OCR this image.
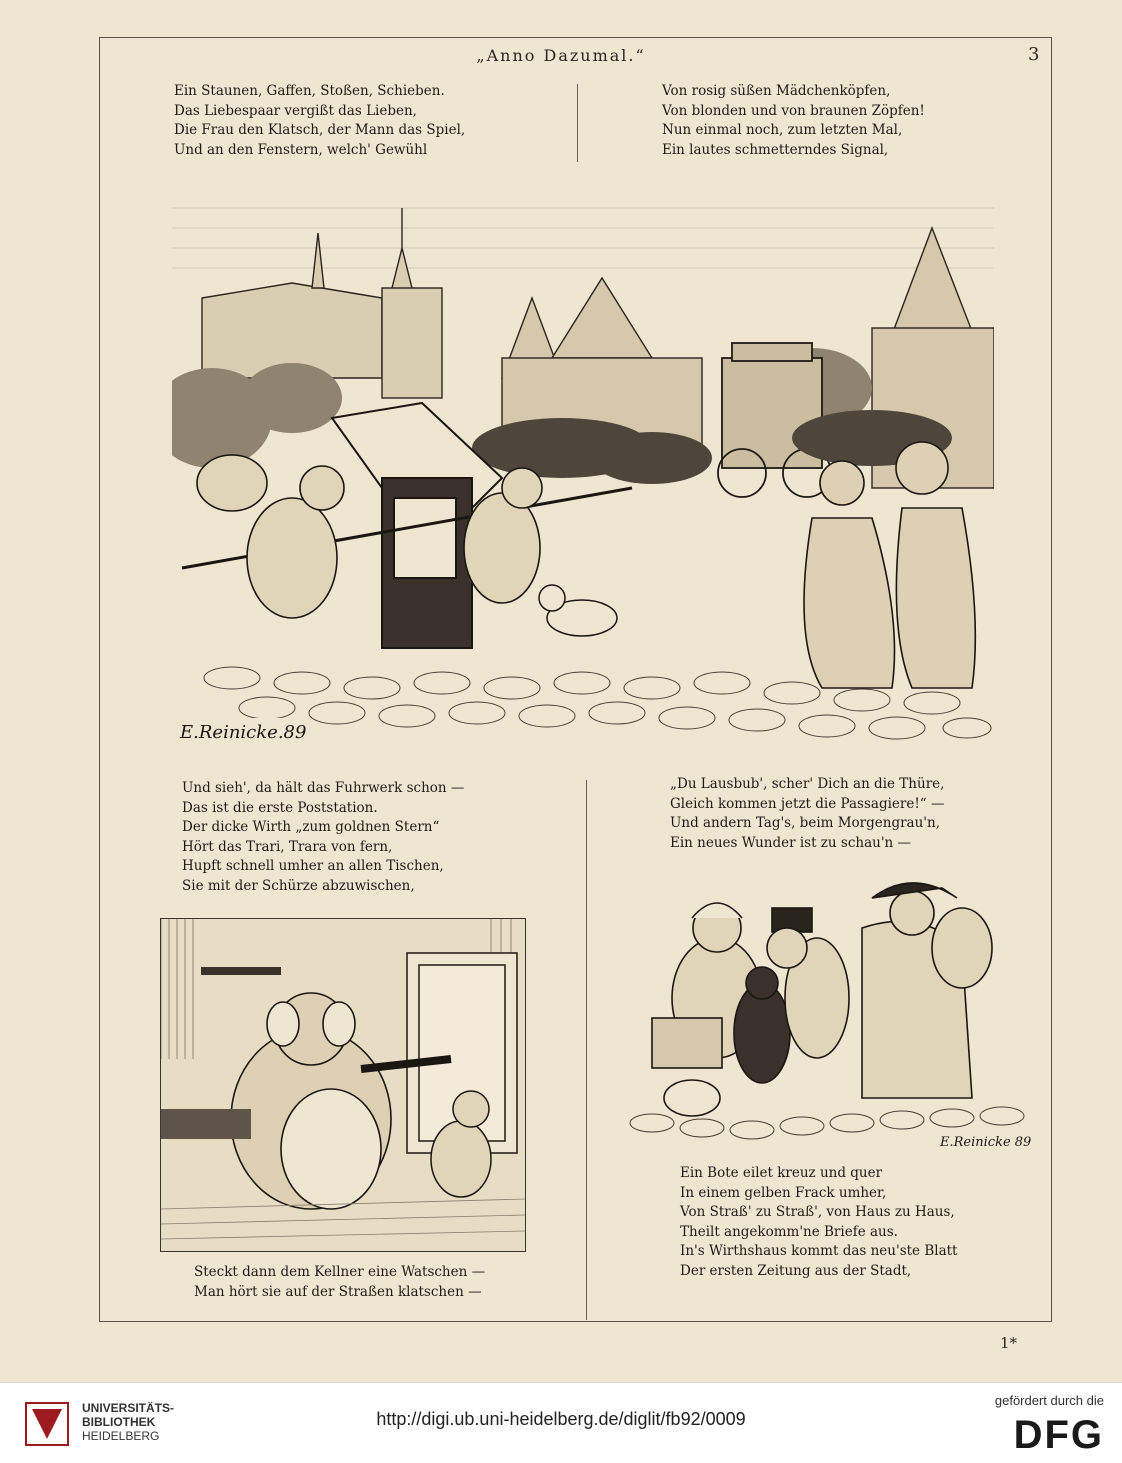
„Anno Dazumal.“	3
Ein Staunen, Gaffen, Stoßen, Schieben.
Das Liebespaar vergißt das Lieben,
Die Frau den Klatsch, der Mann das Spiel,
Und an den Fenstern, welch' Gewühl
Von rosig süßen Mädchenköpfen,
Von blonden und von braunen Zöpfen!
Nun einmal noch, zum letzten Mal,
Ein lautes schmetterndes Signal,
E.Reinicke.89
Und sieh', da hält das Fuhrwerk schon —
Das ist die erste Poststation.
Der dicke Wirth „zum goldnen Stern“
Hört das Trari, Trara von fern,
Hupft schnell umher an allen Tischen,
Sie mit der Schürze abzuwischen,
„Du Lausbub', scher' Dich an die Thüre,
Gleich kommen jetzt die Passagiere!“ —
Und andern Tag's, beim Morgengrau'n,
Ein neues Wunder ist zu schau'n —
E.Reinicke 89
Steckt dann dem Kellner eine Watschen —
Man hört sie auf der Straßen klatschen —
Ein Bote eilet kreuz und quer
In einem gelben Frack umher,
Von Straß' zu Straß', von Haus zu Haus,
Theilt angekomm'ne Briefe aus.
In's Wirthshaus kommt das neu'ste Blatt
Der ersten Zeitung aus der Stadt,
1*
UNIVERSITÄTS-
BIBLIOTHEK
HEIDELBERG
http://digi.ub.uni-heidelberg.de/diglit/fb92/0009
gefördert durch die
DFG
